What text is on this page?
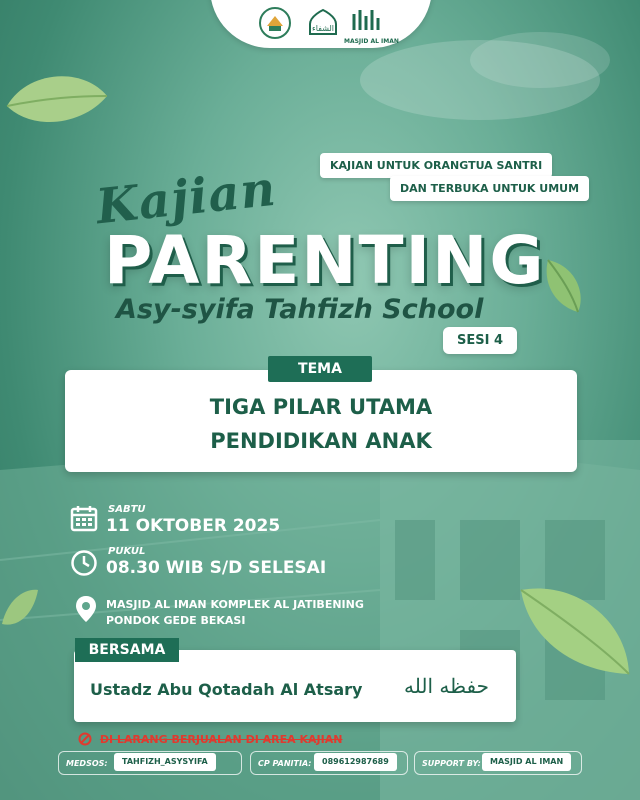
الشفاء
MASJID AL IMAN
KAJIAN UNTUK ORANGTUA SANTRI
DAN TERBUKA UNTUK UMUM
Kajian
PARENTING
Asy-syifa Tahfizh School
SESI 4
TEMA
TIGA PILAR UTAMA
PENDIDIKAN ANAK
SABTU
11 OKTOBER 2025
PUKUL
08.30 WIB S/D SELESAI
MASJID AL IMAN KOMPLEK AL JATIBENING
PONDOK GEDE BEKASI
BERSAMA
Ustadz Abu Qotadah Al Atsary حفظه الله
DI LARANG BERJUALAN DI AREA KAJIAN
MEDSOS:	TAHFIZH_ASYSYIFA	CP PANITIA:	089612987689	SUPPORT BY:	MASJID AL IMAN
